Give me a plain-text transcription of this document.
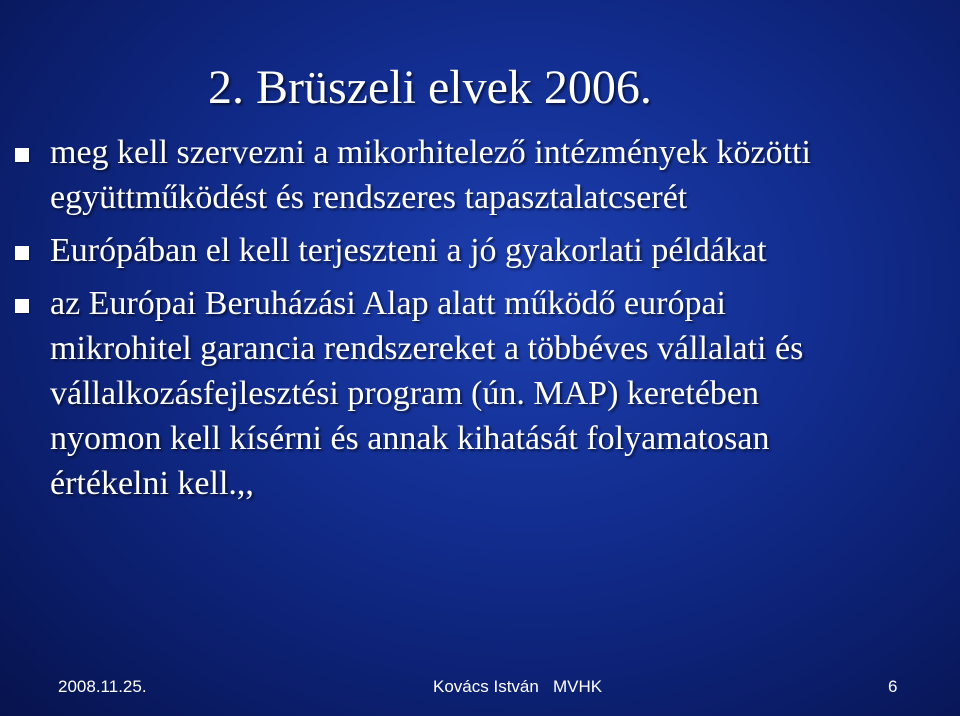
2. Brüszeli elvek 2006.
meg kell szervezni a mikorhitelező intézmények közötti együttműködést és rendszeres tapasztalatcserét
Európában el kell terjeszteni a jó gyakorlati példákat
az Európai Beruházási Alap alatt működő európai mikrohitel garancia rendszereket a többéves vállalati és vállalkozásfejlesztési program (ún. MAP) keretében nyomon kell kísérni és annak kihatását folyamatosan értékelni kell.,,
2008.11.25.	Kovács István   MVHK	6
